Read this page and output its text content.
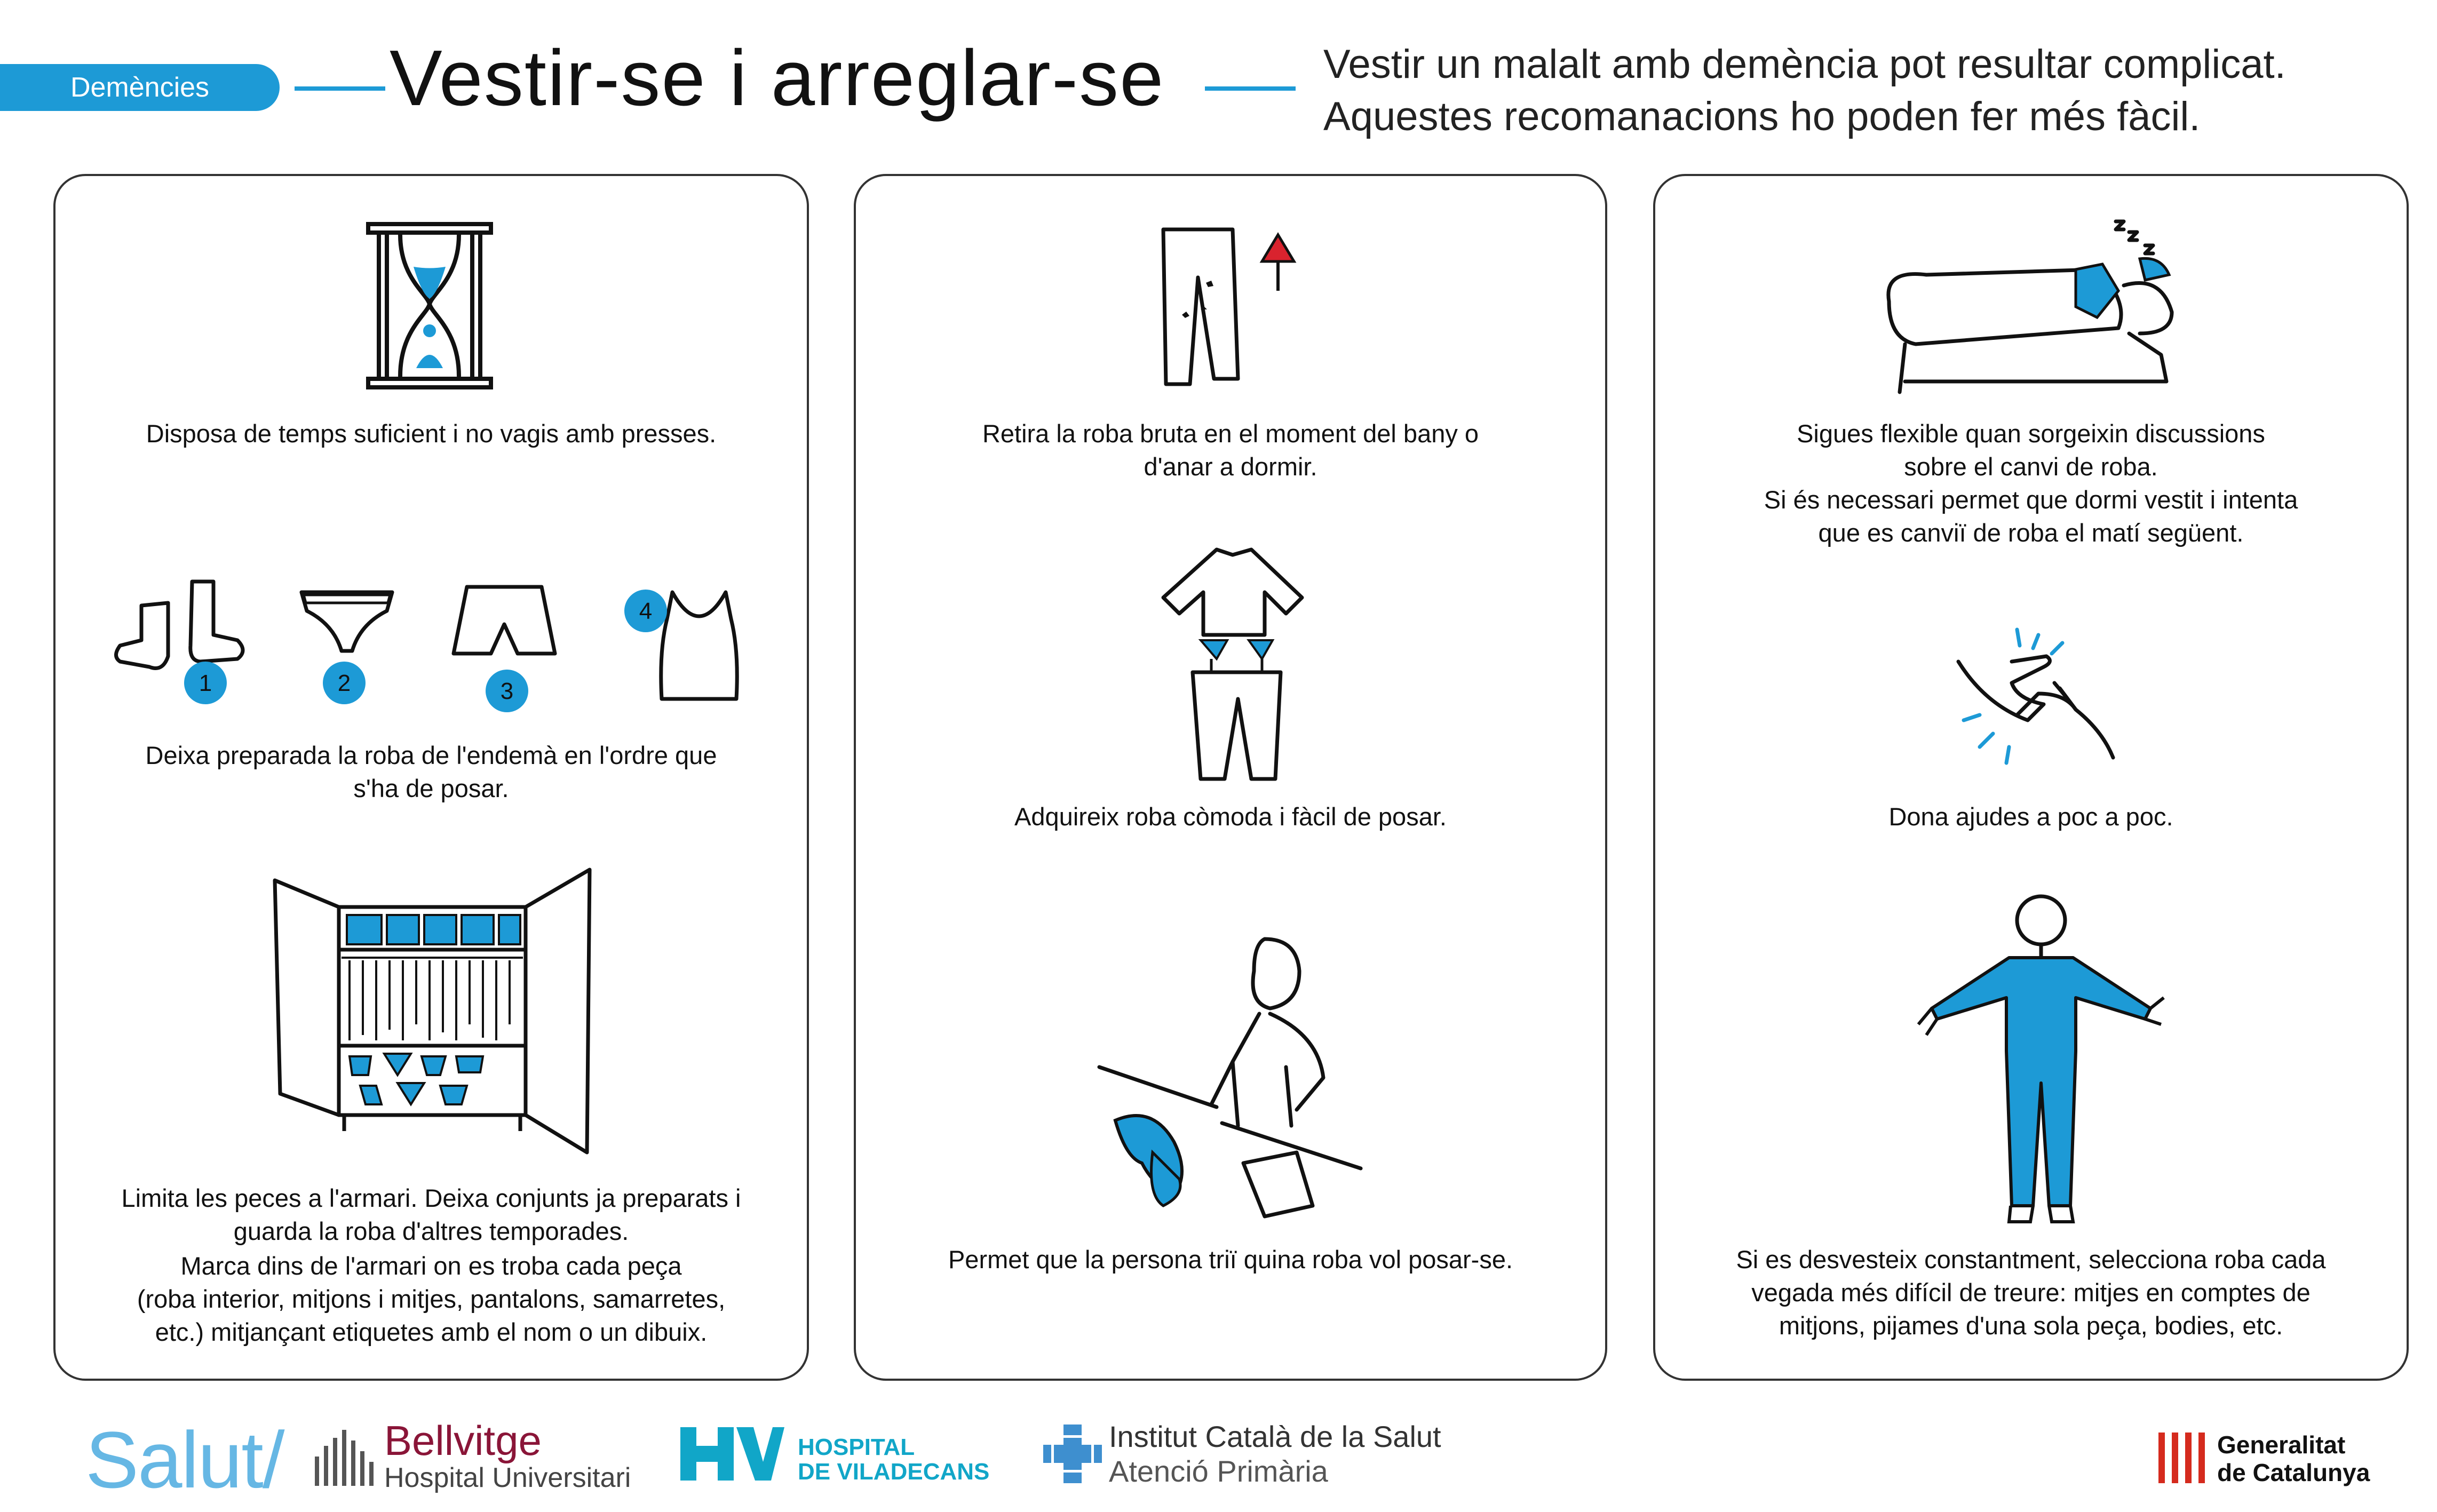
Demències	Vestir-se i arreglar-se	Vestir un malalt amb demència pot resultar complicat.
Aquestes recomanacions ho poden fer més fàcil.
Disposa de temps suficient i no vagis amb presses.
1	2	3
4
Deixa preparada la roba de l'endemà en l'ordre que
s'ha de posar.
Limita les peces a l'armari. Deixa conjunts ja preparats i
guarda la roba d'altres temporades.
Marca dins de l'armari on es troba cada peça
(roba interior, mitjons i mitjes, pantalons, samarretes,
etc.) mitjançant etiquetes amb el nom o un dibuix.
Retira la roba bruta en el moment del bany o
d'anar a dormir.
Adquireix roba còmoda i fàcil de posar.
Permet que la persona triï quina roba vol posar-se.
Sigues flexible quan sorgeixin discussions
sobre el canvi de roba.
Si és necessari permet que dormi vestit i intenta
que es canviï de roba el matí següent.
Dona ajudes a poc a poc.
Si es desvesteix constantment, selecciona roba cada
vegada més difícil de treure: mitjes en comptes de
mitjons, pijames d'una sola peça, bodies, etc.
Salut/ Bellvitge
Hospital Universitari
HOSPITAL
DE VILADECANS
Institut Català de la Salut
Atenció Primària
Generalitat
de Catalunya
